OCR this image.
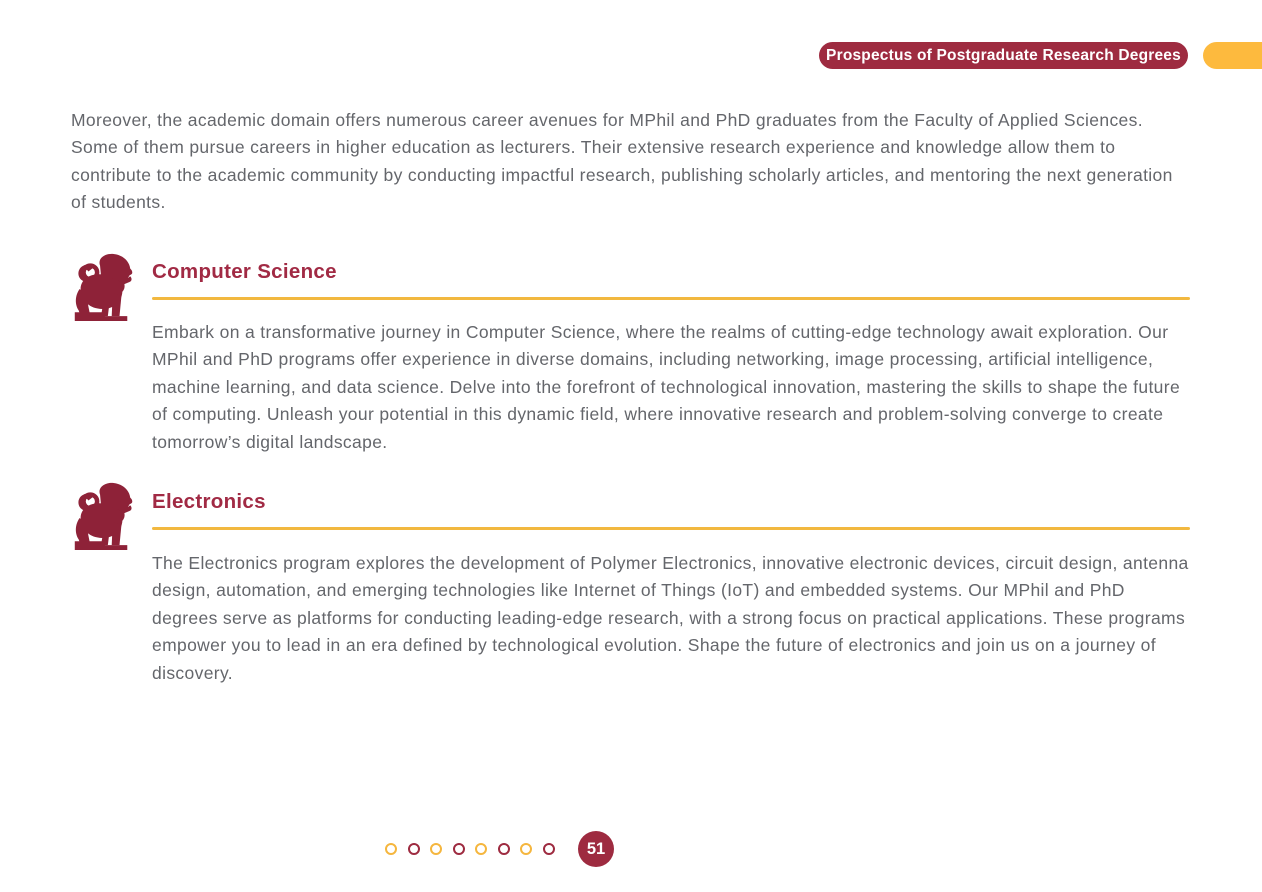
Prospectus of Postgraduate Research Degrees

Moreover, the academic domain offers numerous career avenues for MPhil and PhD graduates from the Faculty of Applied Sciences. Some of them pursue careers in higher education as lecturers. Their extensive research experience and knowledge allow them to contribute to the academic community by conducting impactful research, publishing scholarly articles, and mentoring the next generation of students.

Computer Science

Embark on a transformative journey in Computer Science, where the realms of cutting-edge technology await exploration. Our MPhil and PhD programs offer experience in diverse domains, including networking, image processing, artificial intelligence, machine learning, and data science. Delve into the forefront of technological innovation, mastering the skills to shape the future of computing. Unleash your potential in this dynamic field, where innovative research and problem-solving converge to create tomorrow’s digital landscape.

Electronics

The Electronics program explores the development of Polymer Electronics, innovative electronic devices, circuit design, antenna design, automation, and emerging technologies like Internet of Things (IoT) and embedded systems. Our MPhil and PhD degrees serve as platforms for conducting leading-edge research, with a strong focus on practical applications. These programs empower you to lead in an era defined by technological evolution. Shape the future of electronics and join us on a journey of discovery.

51
